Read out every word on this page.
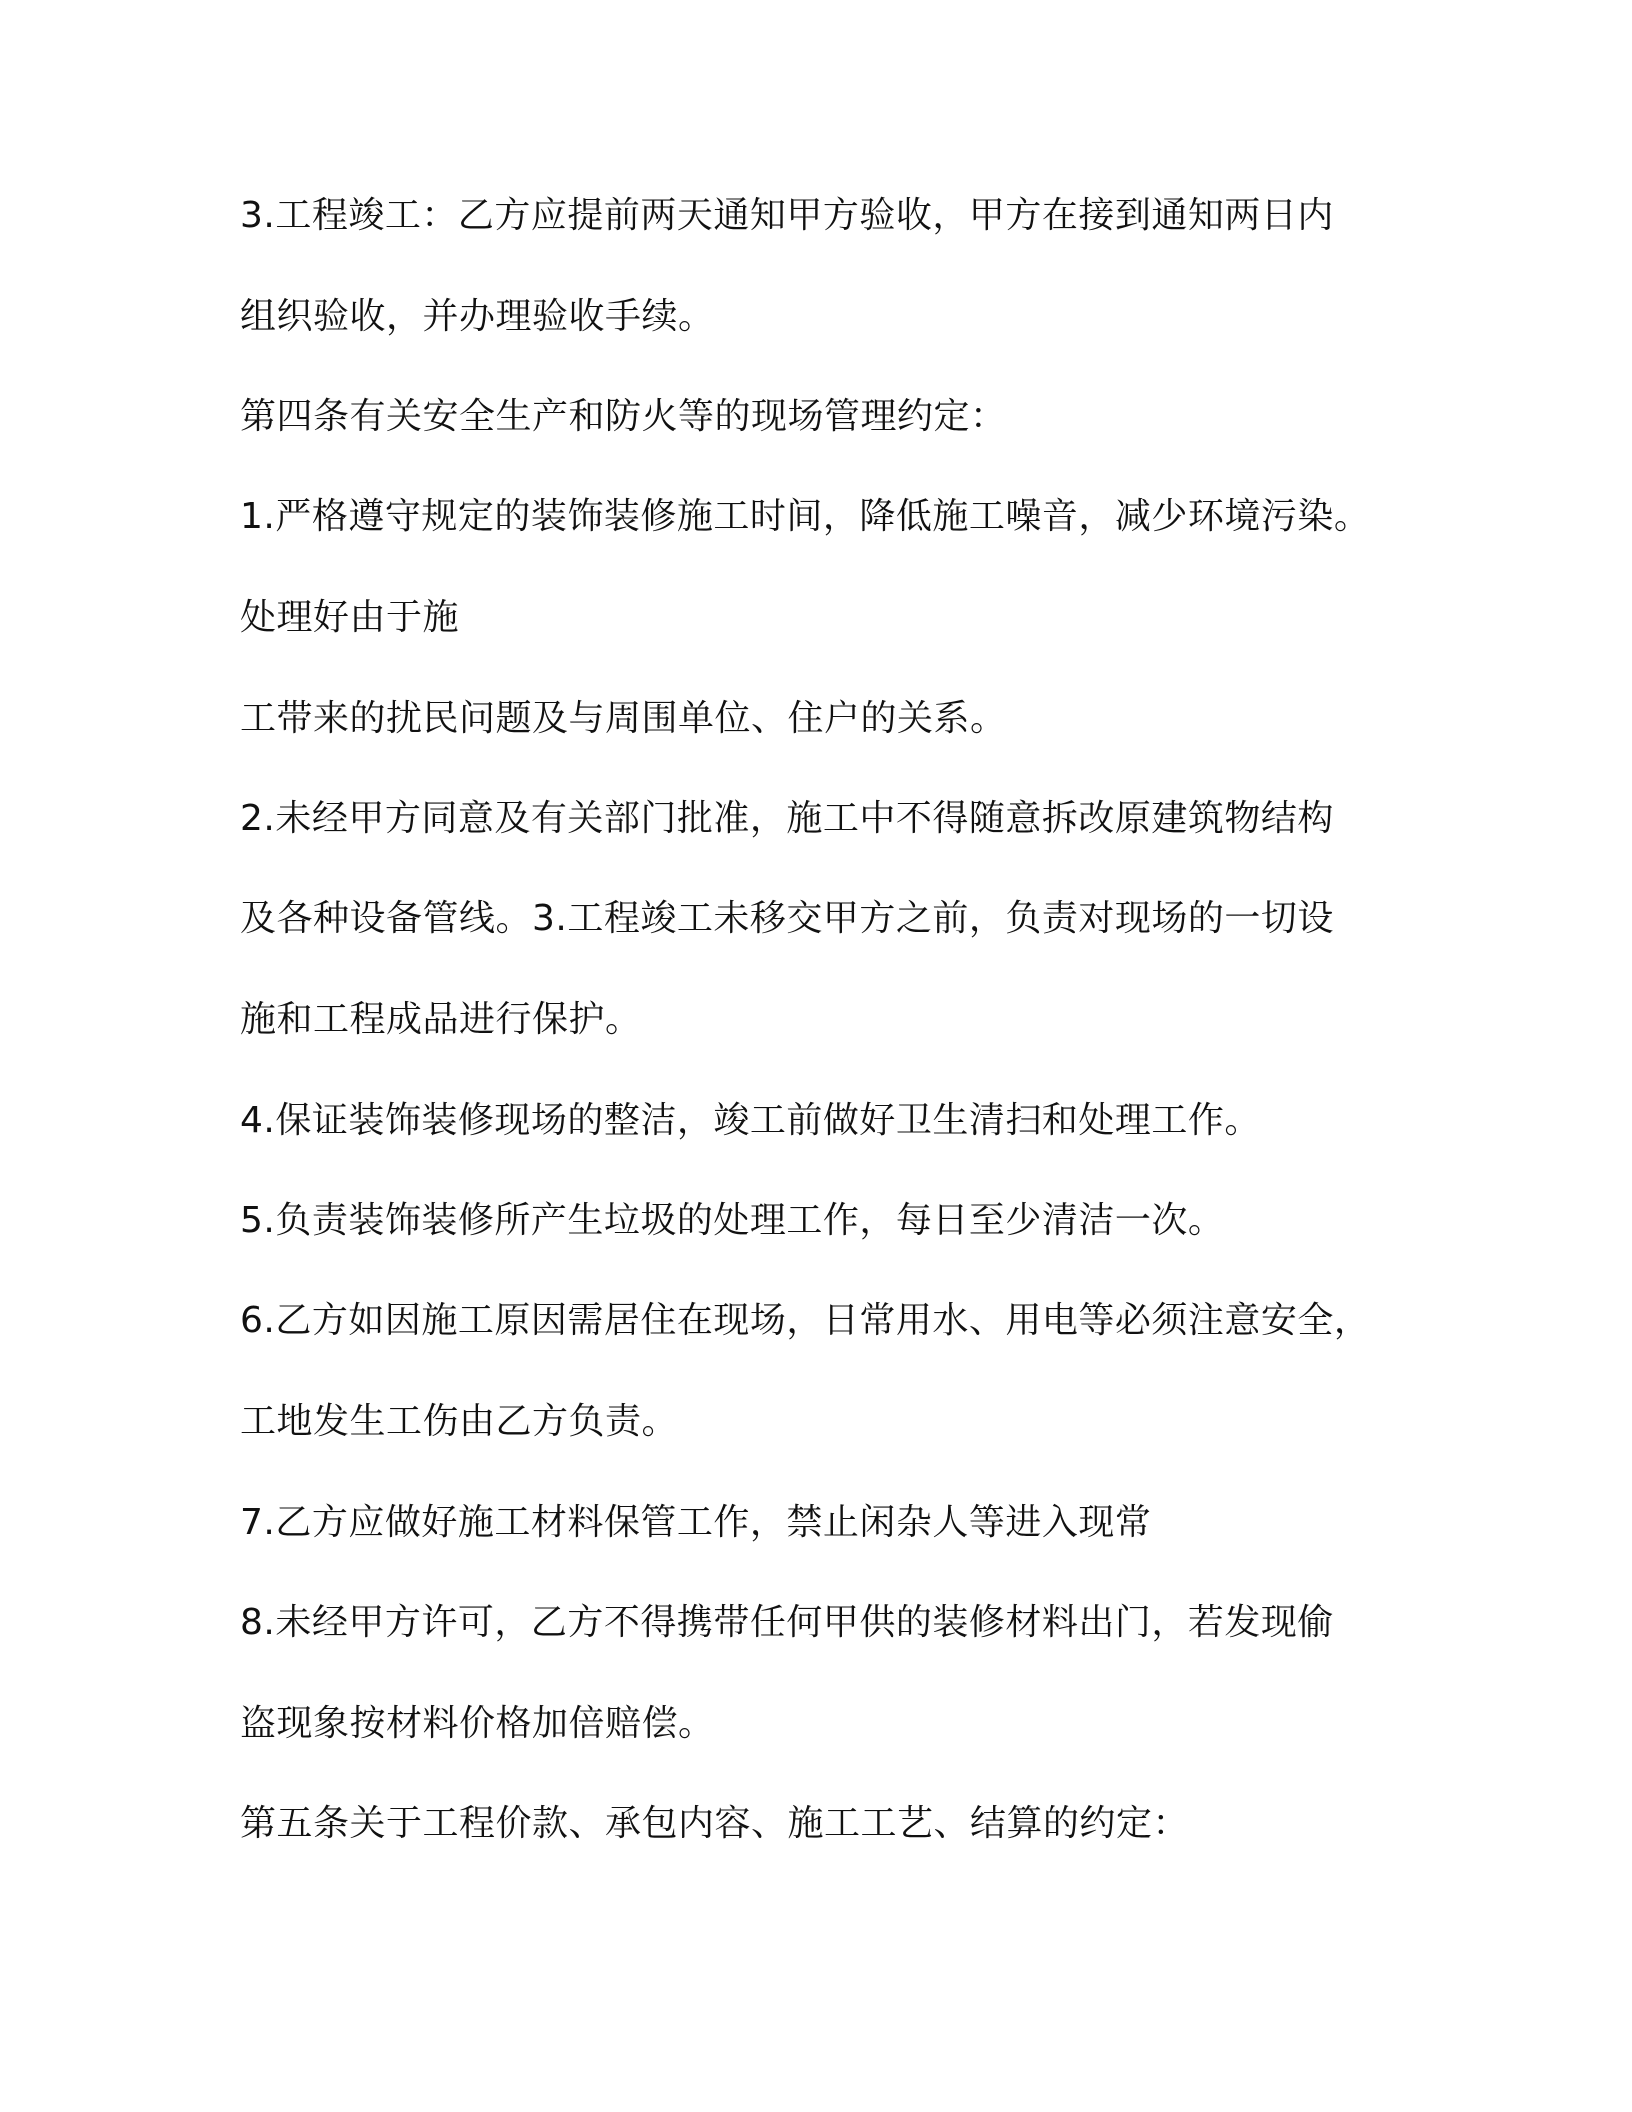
3.工程竣工：乙方应提前两天通知甲方验收，甲方在接到通知两日内

组织验收，并办理验收手续。

第四条有关安全生产和防火等的现场管理约定：

1.严格遵守规定的装饰装修施工时间，降低施工噪音，减少环境污染。

处理好由于施

工带来的扰民问题及与周围单位、住户的关系。

2.未经甲方同意及有关部门批准，施工中不得随意拆改原建筑物结构

及各种设备管线。3.工程竣工未移交甲方之前，负责对现场的一切设

施和工程成品进行保护。

4.保证装饰装修现场的整洁，竣工前做好卫生清扫和处理工作。

5.负责装饰装修所产生垃圾的处理工作，每日至少清洁一次。

6.乙方如因施工原因需居住在现场，日常用水、用电等必须注意安全，

工地发生工伤由乙方负责。

7.乙方应做好施工材料保管工作，禁止闲杂人等进入现常

8.未经甲方许可，乙方不得携带任何甲供的装修材料出门，若发现偷

盗现象按材料价格加倍赔偿。

第五条关于工程价款、承包内容、施工工艺、结算的约定：
